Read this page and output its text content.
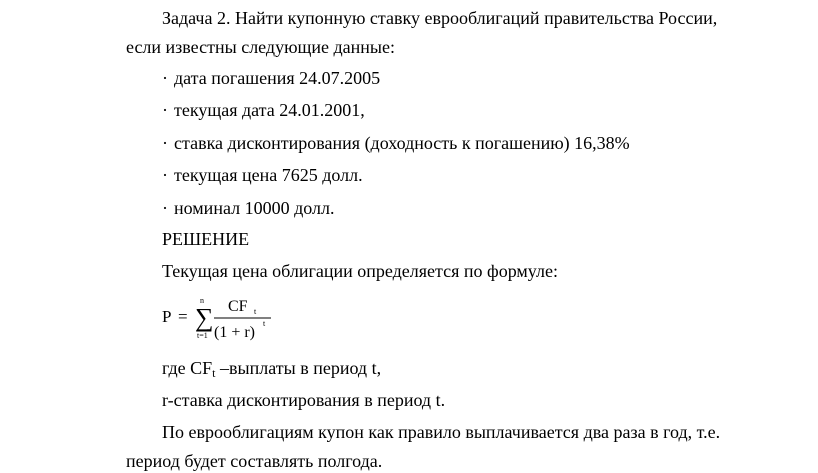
Задача 2. Найти купонную ставку еврооблигаций правительства России,
если известны следующие данные:
· дата погашения 24.07.2005
· текущая дата 24.01.2001,
· ставка дисконтирования (доходность к погашению) 16,38%
· текущая цена 7625 долл.
· номинал 10000 долл.
РЕШЕНИЕ
Текущая цена облигации определяется по формуле:
P = ∑
n
t=1
CF t
(1 + r)
t
где $CF_t$ –выплаты в период t,
r-ставка дисконтирования в период t.
По еврооблигациям купон как правило выплачивается два раза в год, т.е.
период будет составлять полгода.
